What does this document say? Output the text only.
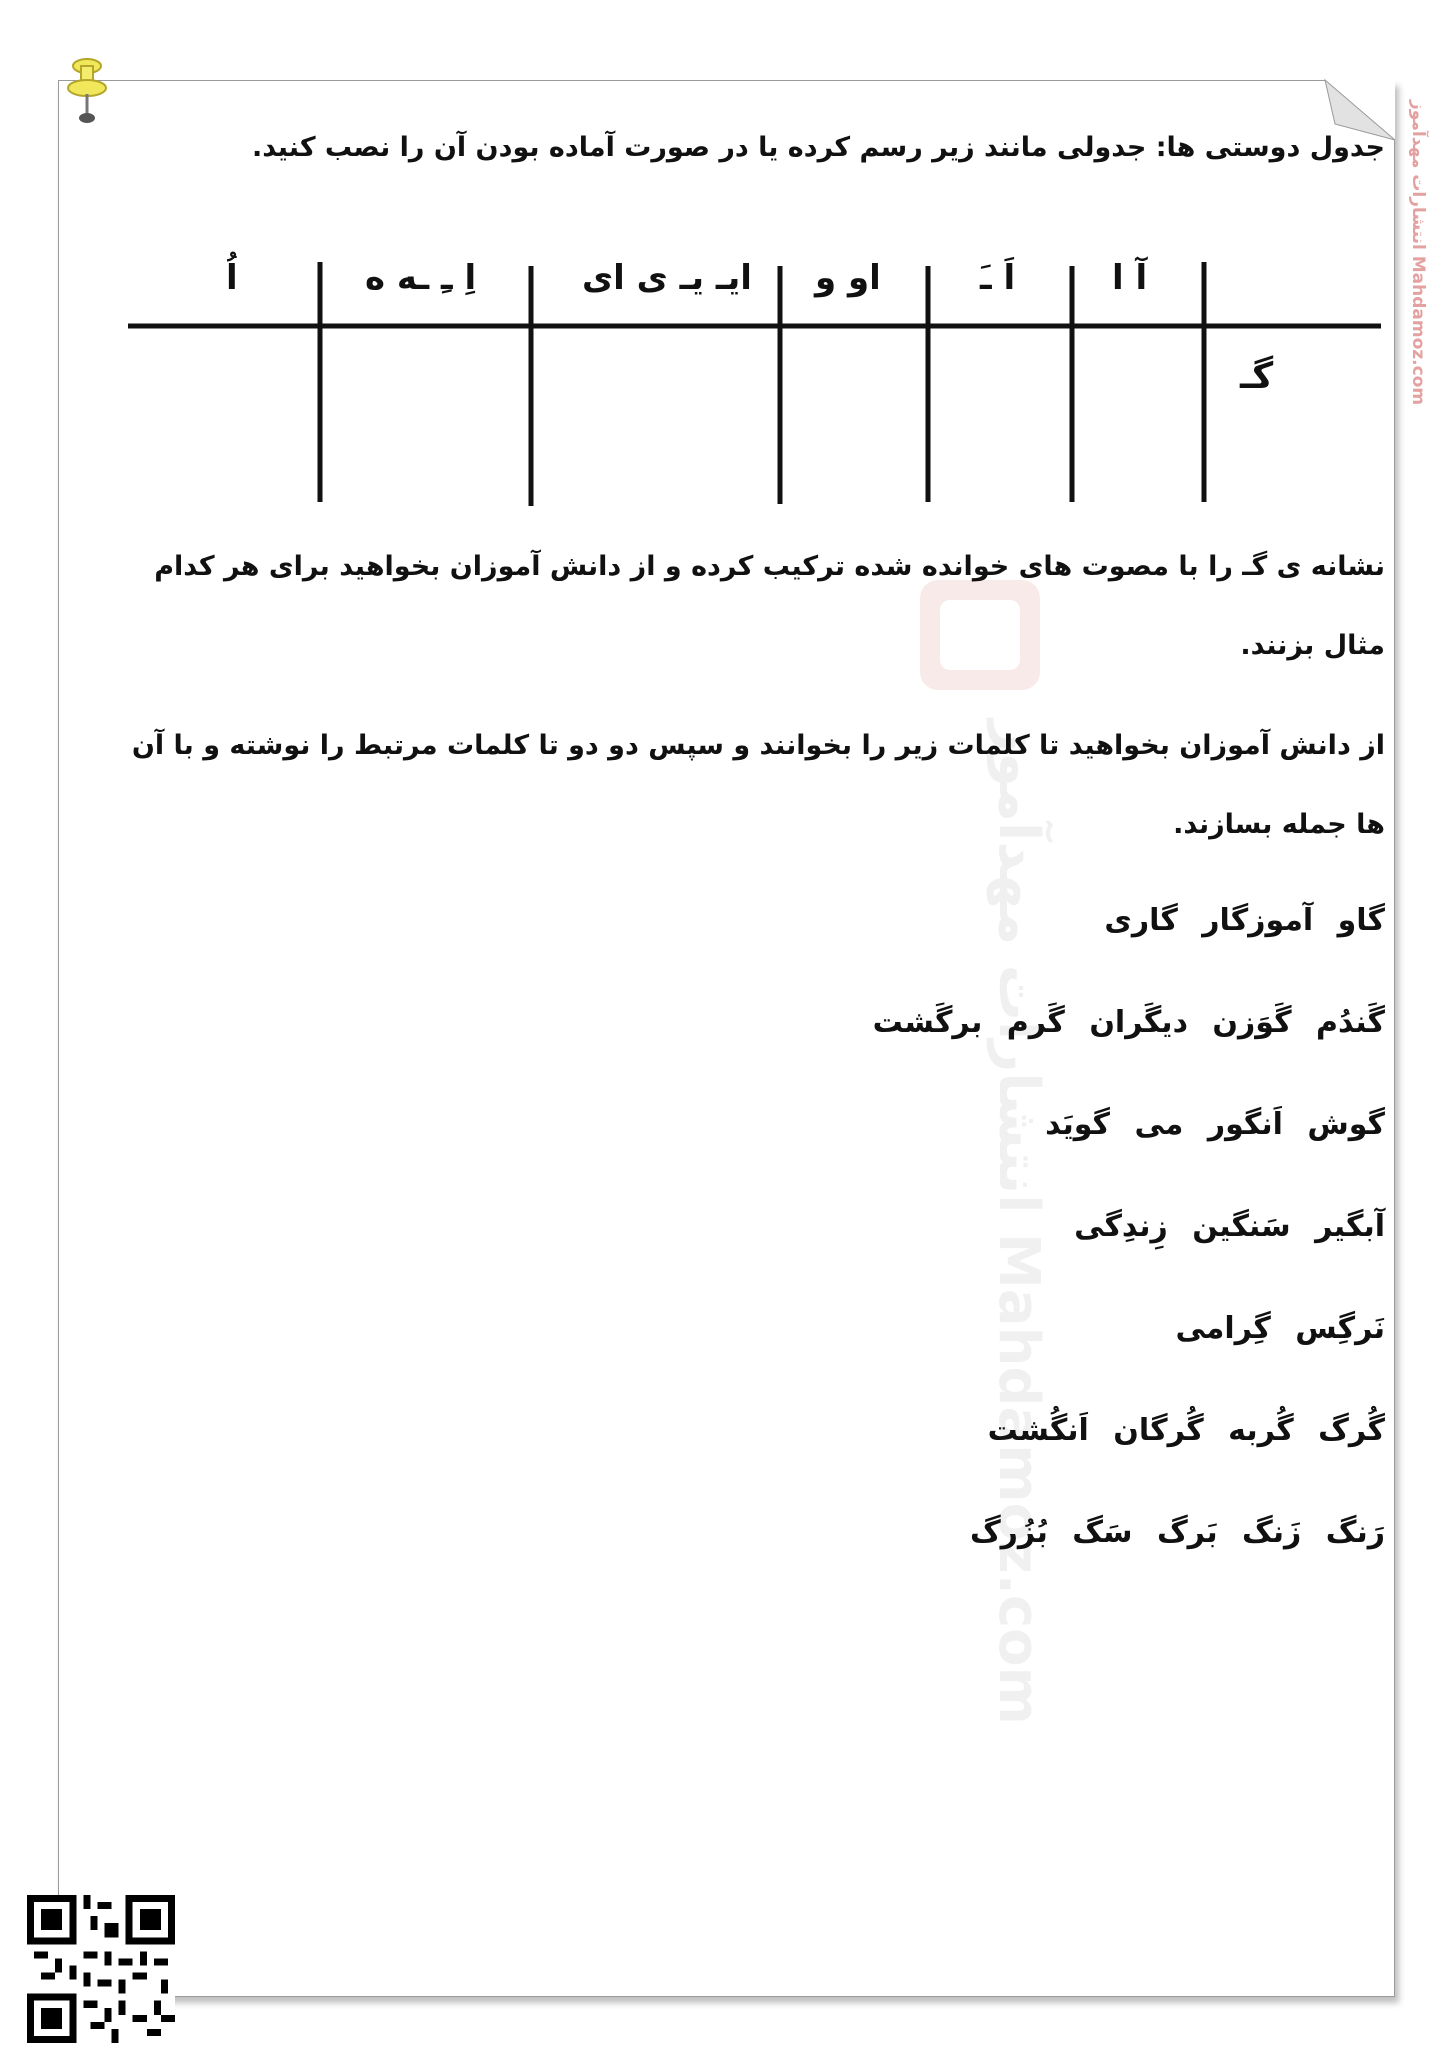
انتشارات مهدآموز Mahdamoz.com
انتشارات مهدآموز Mahdamoz.com
جدول دوستی ها: جدولی مانند زیر رسم کرده یا در صورت آماده بودن آن را نصب کنید.
آ ا
اَ ـَ
او و
ایـ یـ ی ای
اِ ـِ ـه ه
اُ
گـ
نشانه ی گـ را با مصوت های خوانده شده ترکیب کرده و از دانش آموزان بخواهید برای هر کدام مثال بزنند.
از دانش آموزان بخواهید تا کلمات زیر را بخوانند و سپس دو دو تا کلمات مرتبط را نوشته و با آن ها جمله بسازند.
گاو آموزگار گاری
گَندُم گَوَزن دیگَران گَرم برگَشت
گوش اَنگور می گویَد
آبگیر سَنگین زِندِگی
نَرگِس گِرامی
گُرگ گُربه گُرگان اَنگُشت
رَنگ زَنگ بَرگ سَگ بُزُرگ
